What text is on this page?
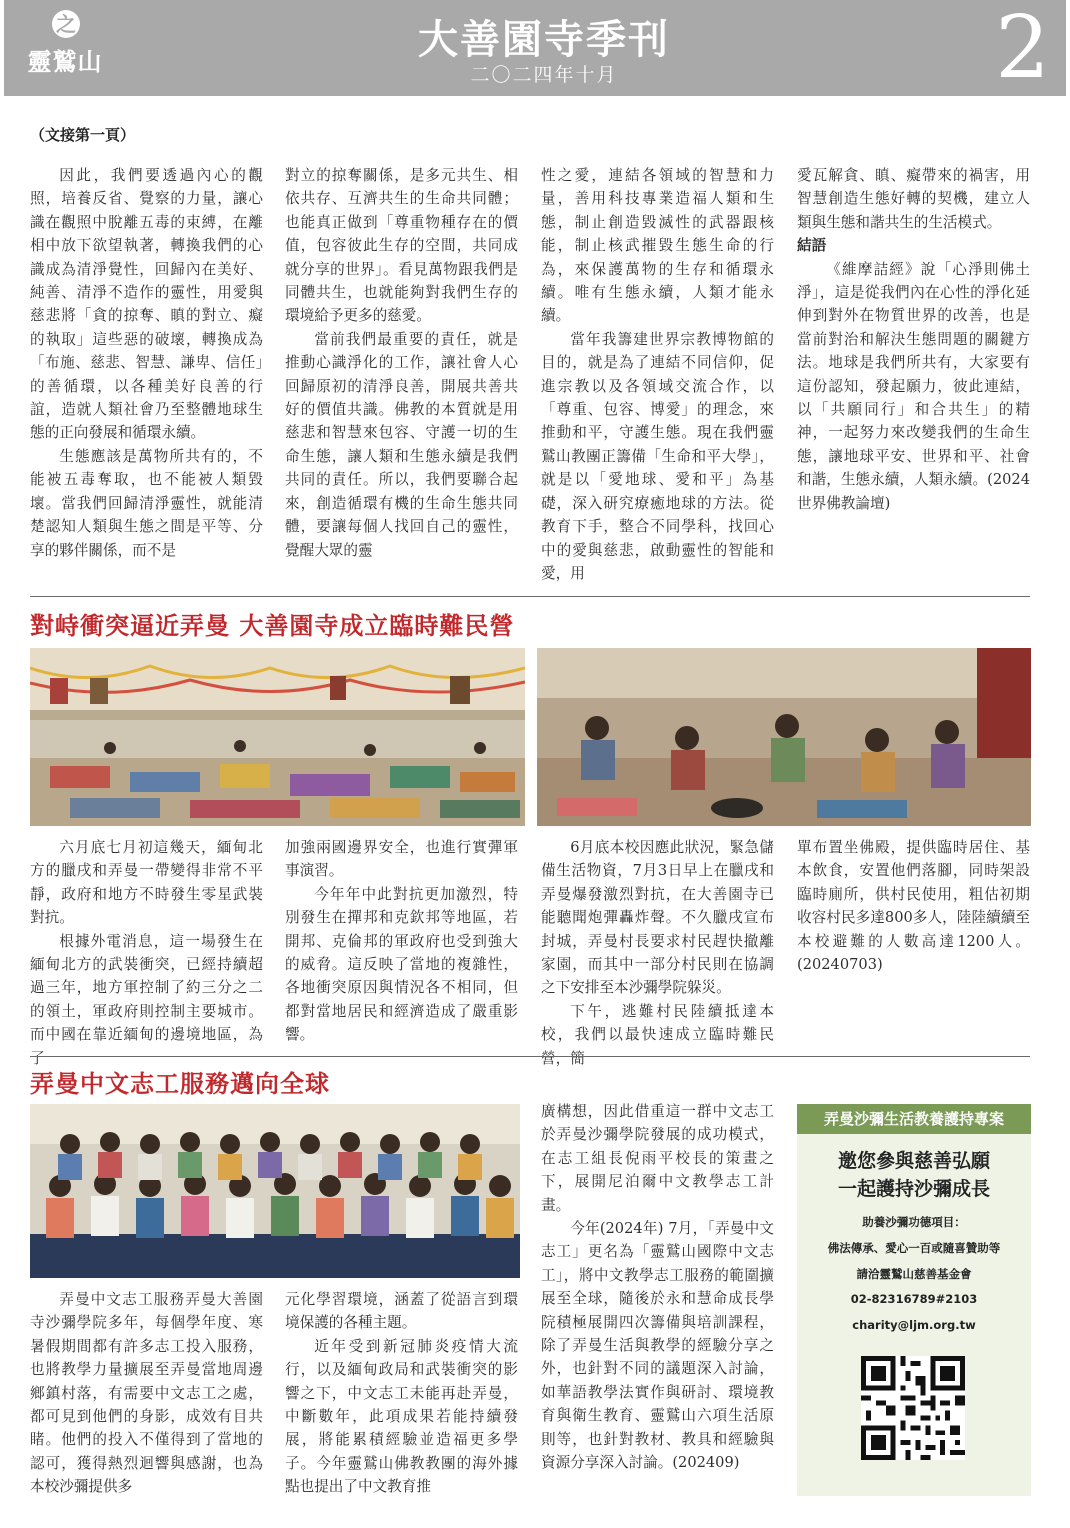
之
靈鷲山	大善園寺季刊
二〇二四年十月	2
（文接第一頁）

因此，我們要透過內心的觀照，培養反省、覺察的力量，讓心識在觀照中脫離五毒的束縛，在離相中放下欲望執著，轉換我們的心識成為清淨覺性，回歸內在美好、純善、清淨不造作的靈性，用愛與慈悲將「貪的掠奪、瞋的對立、癡的執取」這些惡的破壞，轉換成為「布施、慈悲、智慧、謙卑、信任」的善循環，以各種美好良善的行誼，造就人類社會乃至整體地球生態的正向發展和循環永續。

生態應該是萬物所共有的，不能被五毒奪取，也不能被人類毀壞。當我們回歸清淨靈性，就能清楚認知人類與生態之間是平等、分享的夥伴關係，而不是

對立的掠奪關係，是多元共生、相依共存、互濟共生的生命共同體；也能真正做到「尊重物種存在的價值，包容彼此生存的空間，共同成就分享的世界」。看見萬物跟我們是同體共生，也就能夠對我們生存的環境給予更多的慈愛。

當前我們最重要的責任，就是推動心識淨化的工作，讓社會人心回歸原初的清淨良善，開展共善共好的價值共識。佛教的本質就是用慈悲和智慧來包容、守護一切的生命生態，讓人類和生態永續是我們共同的責任。所以，我們要聯合起來，創造循環有機的生命生態共同體，要讓每個人找回自己的靈性，覺醒大眾的靈

性之愛，連結各領域的智慧和力量，善用科技專業造福人類和生態，制止創造毀滅性的武器跟核能，制止核武摧毀生態生命的行為，來保護萬物的生存和循環永續。唯有生態永續，人類才能永續。

當年我籌建世界宗教博物館的目的，就是為了連結不同信仰，促進宗教以及各領域交流合作，以「尊重、包容、博愛」的理念，來推動和平，守護生態。現在我們靈鷲山教團正籌備「生命和平大學」，就是以「愛地球、愛和平」為基礎，深入研究療癒地球的方法。從教育下手，整合不同學科，找回心中的愛與慈悲，啟動靈性的智能和愛，用

愛瓦解貪、瞋、癡帶來的禍害，用智慧創造生態好轉的契機，建立人類與生態和諧共生的生活模式。

結語

《維摩詰經》說「心淨則佛土淨」，這是從我們內在心性的淨化延伸到對外在物質世界的改善，也是當前對治和解決生態問題的關鍵方法。地球是我們所共有，大家要有這份認知，發起願力，彼此連結，以「共願同行」和合共生」的精神，一起努力來改變我們的生命生態，讓地球平安、世界和平、社會和諧，生態永續，人類永續。(2024世界佛教論壇)

對峙衝突逼近弄曼 大善園寺成立臨時難民營

六月底七月初這幾天，緬甸北方的臘戌和弄曼一帶變得非常不平靜，政府和地方不時發生零星武裝對抗。

根據外電消息，這一場發生在緬甸北方的武裝衝突，已經持續超過三年，地方軍控制了約三分之二的領土，軍政府則控制主要城市。而中國在靠近緬甸的邊境地區，為了

加強兩國邊界安全，也進行實彈軍事演習。

今年年中此對抗更加激烈，特別發生在撣邦和克欽邦等地區，若開邦、克倫邦的軍政府也受到強大的威脅。這反映了當地的複雜性，各地衝突原因與情況各不相同，但都對當地居民和經濟造成了嚴重影響。

6月底本校因應此狀況，緊急儲備生活物資，7月3日早上在臘戌和弄曼爆發激烈對抗，在大善園寺已能聽聞炮彈轟炸聲。不久臘戌宣布封城，弄曼村長要求村民趕快撤離家園，而其中一部分村民則在協調之下安排至本沙彌學院躲災。

下午，逃難村民陸續抵達本校，我們以最快速成立臨時難民營，簡

單布置坐佛殿，提供臨時居住、基本飲食，安置他們落腳，同時架設臨時廁所，供村民使用，粗估初期收容村民多達800多人，陸陸續續至本校避難的人數高達1200人。(20240703)

弄曼中文志工服務邁向全球

弄曼中文志工服務弄曼大善園寺沙彌學院多年，每個學年度、寒暑假期間都有許多志工投入服務，也將教學力量擴展至弄曼當地周邊鄉鎮村落，有需要中文志工之處，都可見到他們的身影，成效有目共睹。他們的投入不僅得到了當地的認可，獲得熱烈迴響與感謝，也為本校沙彌提供多

元化學習環境，涵蓋了從語言到環境保護的各種主題。

近年受到新冠肺炎疫情大流行，以及緬甸政局和武裝衝突的影響之下，中文志工未能再赴弄曼，中斷數年，此項成果若能持續發展，將能累積經驗並造福更多學子。今年靈鷲山佛教教團的海外據點也提出了中文教育推

廣構想，因此借重這一群中文志工於弄曼沙彌學院發展的成功模式，在志工組長倪雨平校長的策畫之下，展開尼泊爾中文教學志工計畫。

今年(2024年) 7月，「弄曼中文志工」更名為「靈鷲山國際中文志工」，將中文教學志工服務的範圍擴展至全球，隨後於永和慧命成長學院積極展開四次籌備與培訓課程，除了弄曼生活與教學的經驗分享之外，也針對不同的議題深入討論，如華語教學法實作與研討、環境教育與衛生教育、靈鷲山六項生活原則等，也針對教材、教具和經驗與資源分享深入討論。(202409)

弄曼沙彌生活教養護持專案
邀您參與慈善弘願
一起護持沙彌成長
助養沙彌功德項目：
佛法傳承、愛心一百或隨喜贊助等
請洽靈鷲山慈善基金會
02-82316789#2103
charity@ljm.org.tw
